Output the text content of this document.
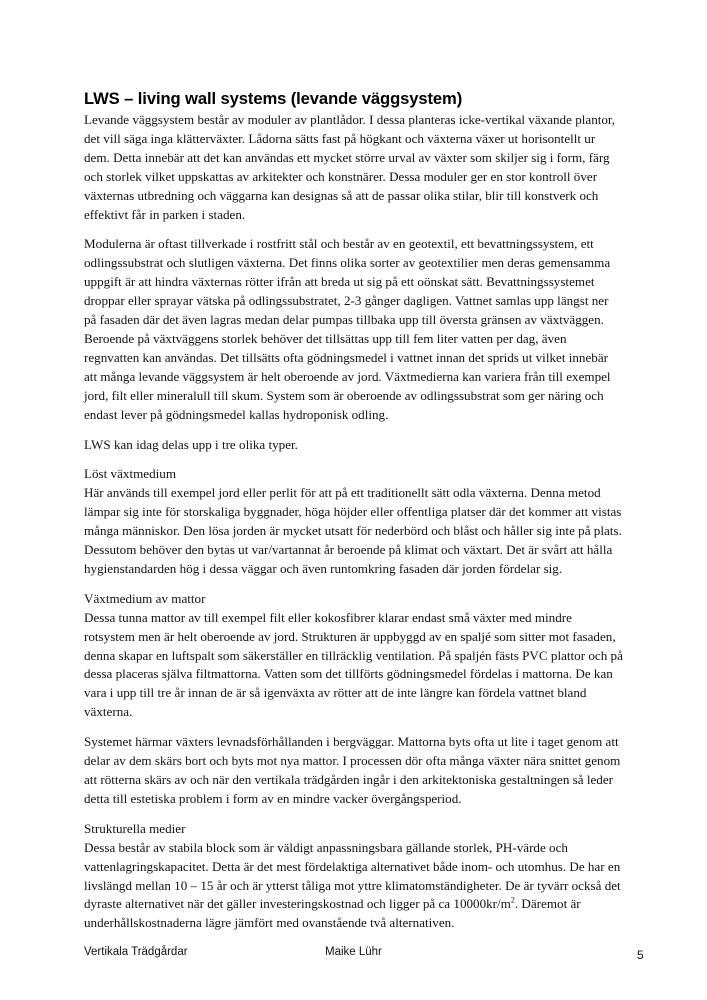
LWS – living wall systems (levande väggsystem)

Levande väggsystem består av moduler av plantlådor. I dessa planteras icke-vertikal växande plantor, det vill säga inga klätterväxter. Lådorna sätts fast på högkant och växterna växer ut horisontellt ur dem. Detta innebär att det kan användas ett mycket större urval av växter som skiljer sig i form, färg och storlek vilket uppskattas av arkitekter och konstnärer. Dessa moduler ger en stor kontroll över växternas utbredning och väggarna kan designas så att de passar olika stilar, blir till konstverk och effektivt får in parken i staden.

Modulerna är oftast tillverkade i rostfritt stål och består av en geotextil, ett bevattningssystem, ett odlingssubstrat och slutligen växterna. Det finns olika sorter av geotextilier men deras gemensamma uppgift är att hindra växternas rötter ifrån att breda ut sig på ett oönskat sätt. Bevattningssystemet droppar eller sprayar vätska på odlingssubstratet, 2-3 gånger dagligen. Vattnet samlas upp längst ner på fasaden där det även lagras medan delar pumpas tillbaka upp till översta gränsen av växtväggen. Beroende på växtväggens storlek behöver det tillsättas upp till fem liter vatten per dag, även regnvatten kan användas. Det tillsätts ofta gödningsmedel i vattnet innan det sprids ut vilket innebär att många levande väggsystem är helt oberoende av jord. Växtmedierna kan variera från till exempel jord, filt eller mineralull till skum. System som är oberoende av odlingssubstrat som ger näring och endast lever på gödningsmedel kallas hydroponisk odling.

LWS kan idag delas upp i tre olika typer.

Löst växtmedium

Här används till exempel jord eller perlit för att på ett traditionellt sätt odla växterna. Denna metod lämpar sig inte för storskaliga byggnader, höga höjder eller offentliga platser där det kommer att vistas många människor. Den lösa jorden är mycket utsatt för nederbörd och blåst och håller sig inte på plats. Dessutom behöver den bytas ut var/vartannat år beroende på klimat och växtart. Det är svårt att hålla hygienstandarden hög i dessa väggar och även runtomkring fasaden där jorden fördelar sig.

Växtmedium av mattor

Dessa tunna mattor av till exempel filt eller kokosfibrer klarar endast små växter med mindre rotsystem men är helt oberoende av jord. Strukturen är uppbyggd av en spaljé som sitter mot fasaden, denna skapar en luftspalt som säkerställer en tillräcklig ventilation. På spaljén fästs PVC plattor och på dessa placeras själva filtmattorna. Vatten som det tillförts gödningsmedel fördelas i mattorna. De kan vara i upp till tre år innan de är så igenväxta av rötter att de inte längre kan fördela vattnet bland växterna.

Systemet härmar växters levnadsförhållanden i bergväggar. Mattorna byts ofta ut lite i taget genom att delar av dem skärs bort och byts mot nya mattor. I processen dör ofta många växter nära snittet genom att rötterna skärs av och när den vertikala trädgården ingår i den arkitektoniska gestaltningen så leder detta till estetiska problem i form av en mindre vacker övergångsperiod.

Strukturella medier

Dessa består av stabila block som är väldigt anpassningsbara gällande storlek, PH-värde och vattenlagringskapacitet. Detta är det mest fördelaktiga alternativet både inom- och utomhus. De har en livslängd mellan 10 – 15 år och är ytterst tåliga mot yttre klimatomständigheter. De är tyvärr också det dyraste alternativet när det gäller investeringskostnad och ligger på ca $10000kr/m^2$. Däremot är underhållskostnaderna lägre jämfört med ovanstående två alternativen.

Vertikala Trädgårdar	Maike Lühr	5
